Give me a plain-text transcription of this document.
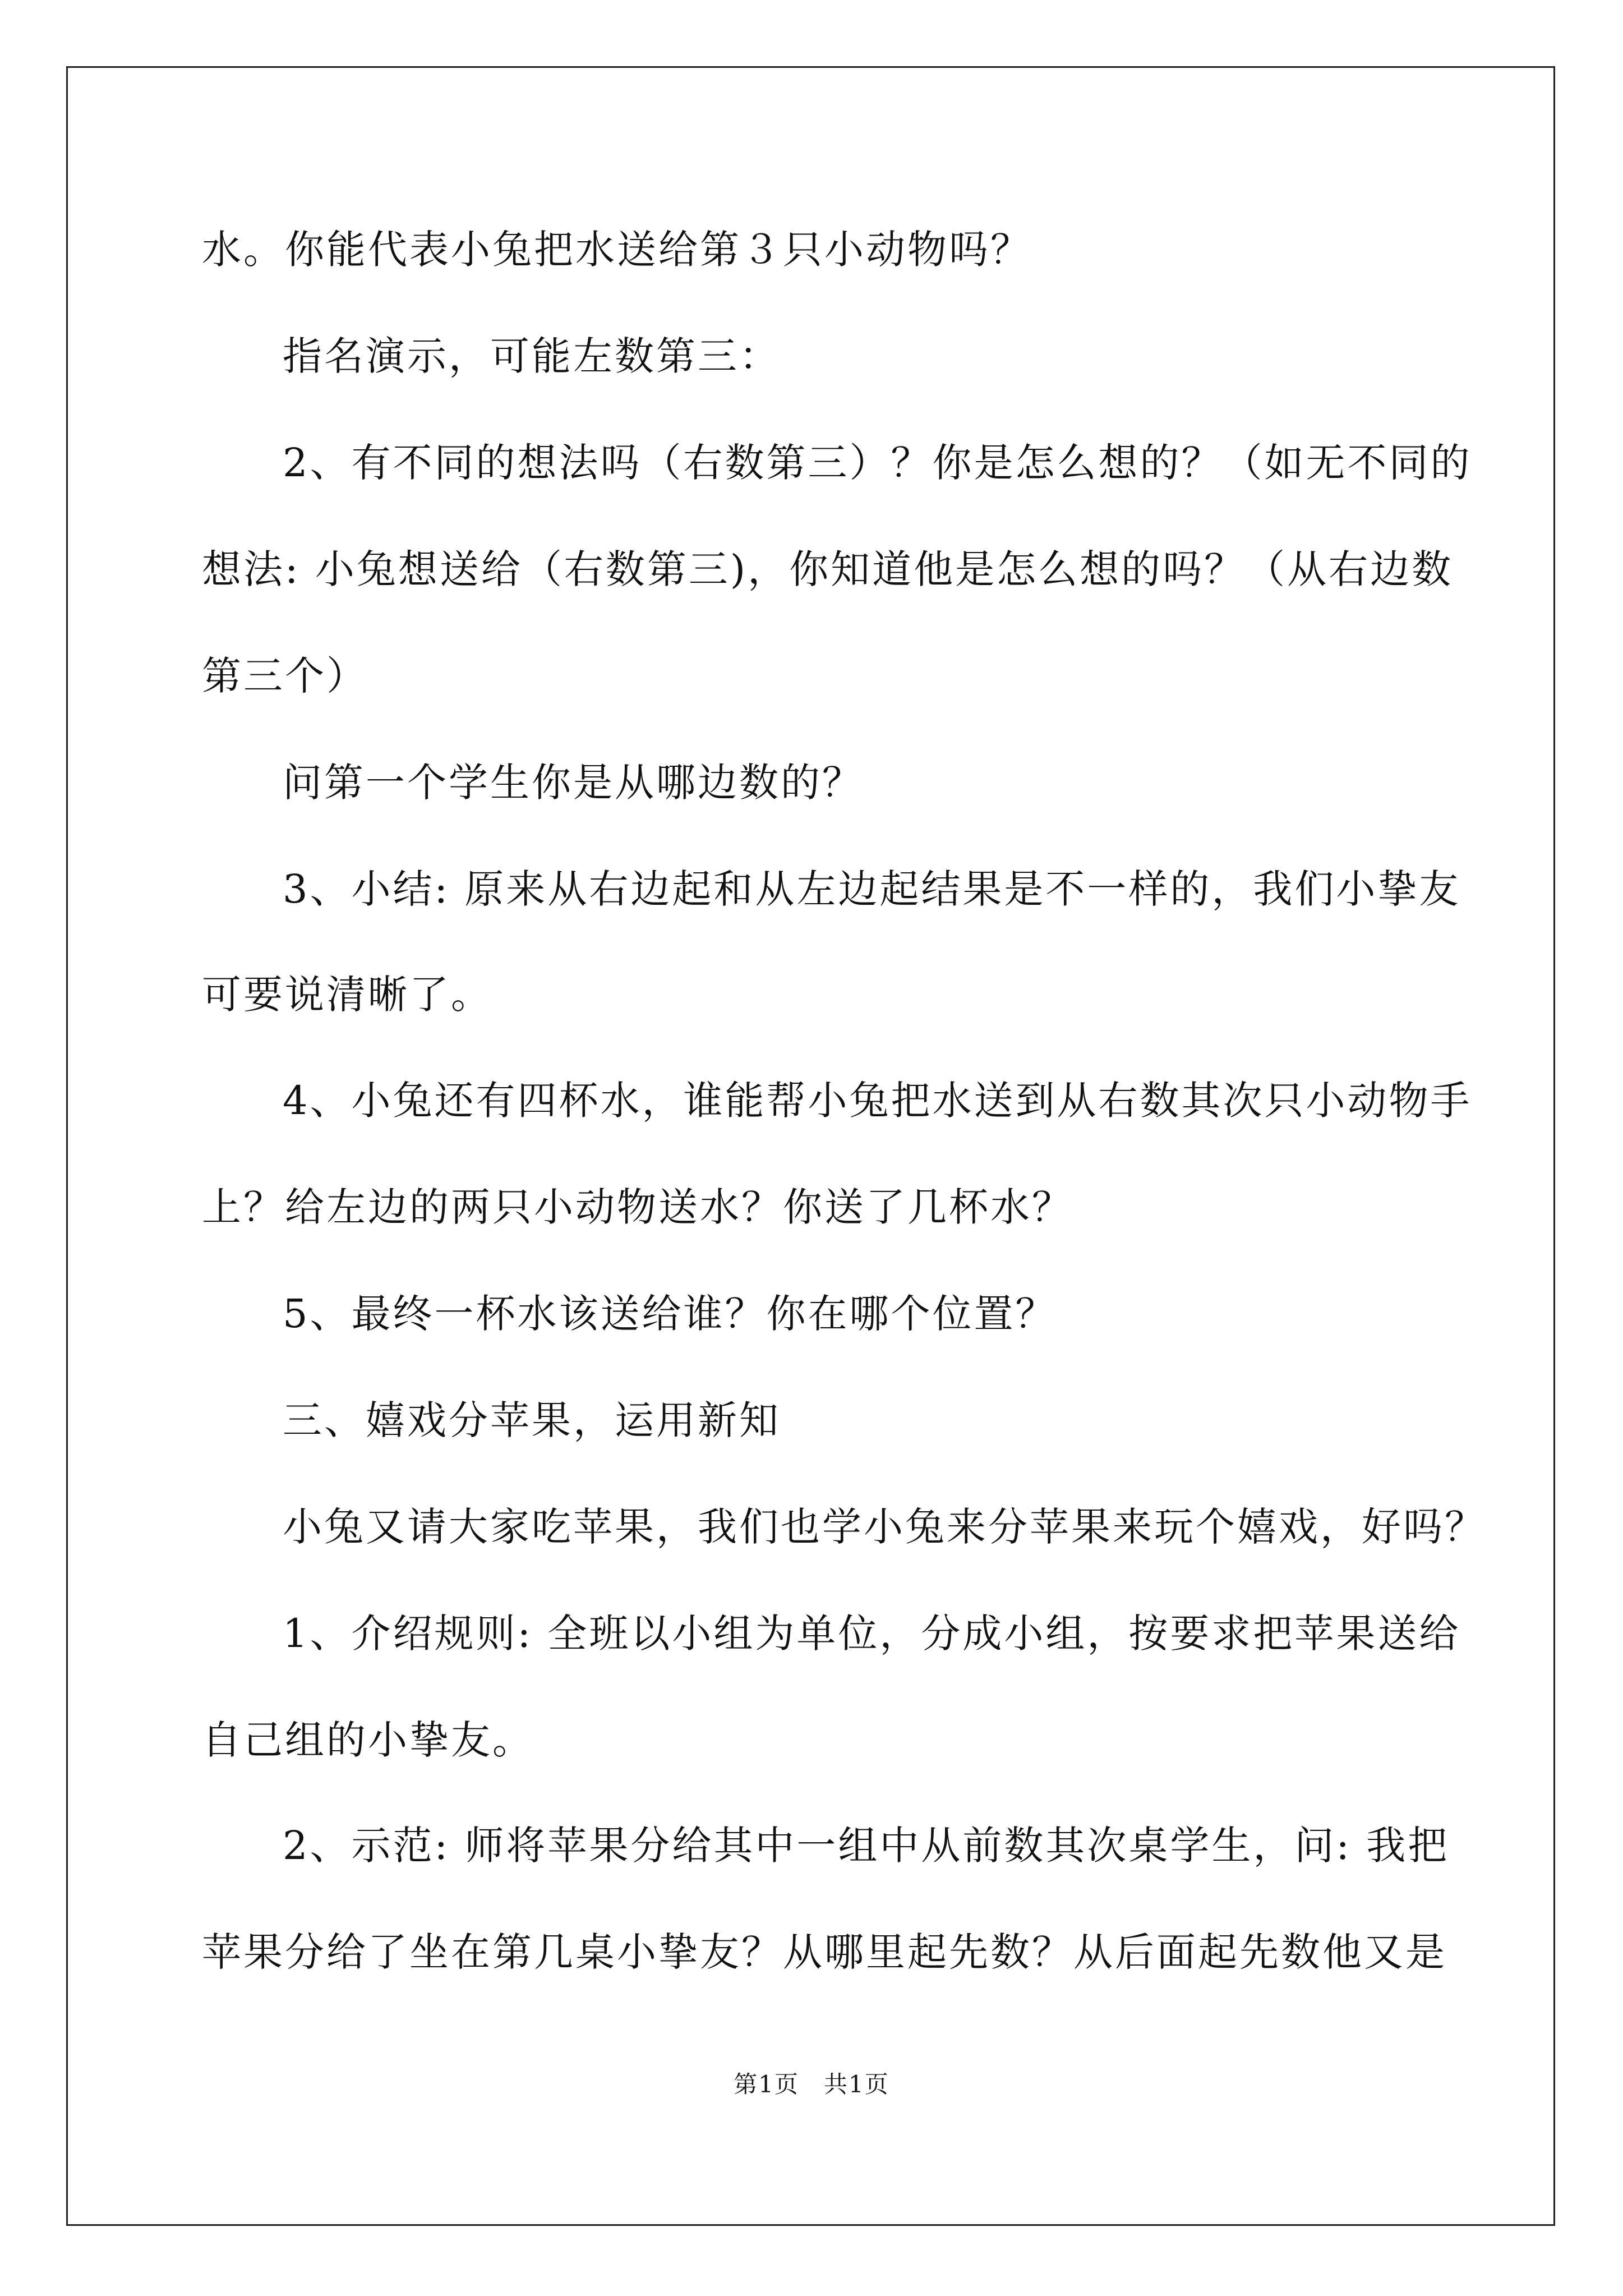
水。你能代表小兔把水送给第３只小动物吗？
指名演示，可能左数第三：
2、有不同的想法吗（右数第三）？你是怎么想的？（如无不同的
想法: 小兔想送给（右数第三)，你知道他是怎么想的吗？（从右边数
第三个）
问第一个学生你是从哪边数的？
3、小结: 原来从右边起和从左边起结果是不一样的，我们小挚友
可要说清晰了。
4、小兔还有四杯水，谁能帮小兔把水送到从右数其次只小动物手
上？给左边的两只小动物送水？你送了几杯水？
5、最终一杯水该送给谁？你在哪个位置？
三、嬉戏分苹果，运用新知
小兔又请大家吃苹果，我们也学小兔来分苹果来玩个嬉戏，好吗？
1、介绍规则: 全班以小组为单位，分成小组，按要求把苹果送给
自己组的小挚友。
2、示范: 师将苹果分给其中一组中从前数其次桌学生，问: 我把
苹果分给了坐在第几桌小挚友？从哪里起先数？从后面起先数他又是
第1页　共1页
